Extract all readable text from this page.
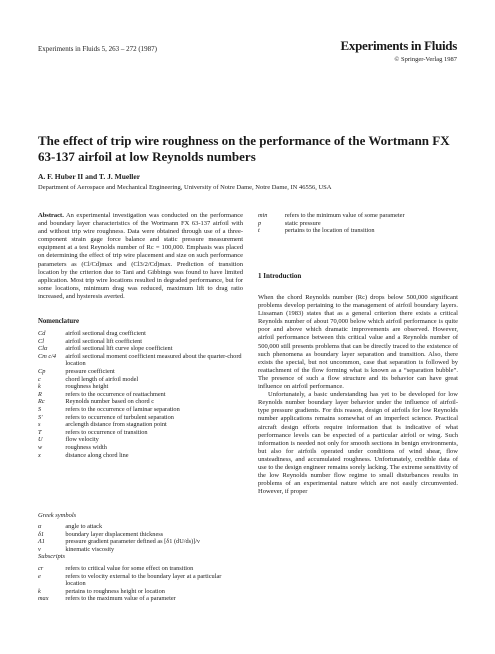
Experiments in Fluids 5, 263 – 272 (1987)	Experiments in Fluids
© Springer-Verlag 1987
The effect of trip wire roughness on the performance of the Wortmann FX 63-137 airfoil at low Reynolds numbers
A. F. Huber II and T. J. Mueller
Department of Aerospace and Mechanical Engineering, University of Notre Dame, Notre Dame, IN 46556, USA
Abstract. An experimental investigation was conducted on the performance and boundary layer characteristics of the Wortmann FX 63-137 airfoil with and without trip wire roughness. Data were obtained through use of a three-component strain gage force balance and static pressure measurement equipment at a test Reynolds number of Rc = 100,000. Emphasis was placed on determining the effect of trip wire placement and size on such performance parameters as (Cl/Cd)max and (Cl3/2/Cd)max. Prediction of transition location by the criterion due to Tani and Gibbings was found to have limited application. Most trip wire locations resulted in degraded performance, but for some locations, minimum drag was reduced, maximum lift to drag ratio increased, and hysteresis averted.
Nomenclature
Cd	airfoil sectional drag coefficient
Cl	airfoil sectional lift coefficient
Clα	airfoil sectional lift curve slope coefficient
Cm c/4	airfoil sectional moment coefficient measured about the quarter-chord location
Cp	pressure coefficient
c	chord length of airfoil model
k	roughness height
R	refers to the occurrence of reattachment
Rc	Reynolds number based on chord c
S	refers to the occurrence of laminar separation
S'	refers to occurrence of turbulent separation
s	arclength distance from stagnation point
T	refers to occurrence of transition
U	flow velocity
w	roughness width
x	distance along chord line
Greek symbols
α	angle to attack
δ1	boundary layer displacement thickness
Λ1	pressure gradient parameter defined as [δ1 (dU/ds)]/ν
ν	kinematic viscosity
Subscripts
cr	refers to critical value for some effect on transition
e	refers to velocity external to the boundary layer at a particular location
k	pertains to roughness height or location
max	refers to the maximum value of a parameter
min	refers to the minimum value of some parameter
p	static pressure
t	pertains to the location of transition
1 Introduction

When the chord Reynolds number (Rc) drops below 500,000 significant problems develop pertaining to the management of airfoil boundary layers. Lissaman (1983) states that as a general criterion there exists a critical Reynolds number of about 70,000 below which airfoil performance is quite poor and above which dramatic improvements are observed. However, airfoil performance between this critical value and a Reynolds number of 500,000 still presents problems that can be directly traced to the existence of such phenomena as boundary layer separation and transition. Also, there exists the special, but not uncommon, case that separation is followed by reattachment of the flow forming what is known as a “separation bubble”. The presence of such a flow structure and its behavior can have great influence on airfoil performance.

Unfortunately, a basic understanding has yet to be developed for low Reynolds number boundary layer behavior under the influence of airfoil-type pressure gradients. For this reason, design of airfoils for low Reynolds number applications remains somewhat of an imperfect science. Practical aircraft design efforts require information that is indicative of what performance levels can be expected of a particular airfoil or wing. Such information is needed not only for smooth sections in benign environments, but also for airfoils operated under conditions of wind shear, flow unsteadiness, and accumulated roughness. Unfortunately, credible data of use to the design engineer remains sorely lacking. The extreme sensitivity of the low Reynolds number flow regime to small disturbances results in problems of an experimental nature which are not easily circumvented. However, if proper
